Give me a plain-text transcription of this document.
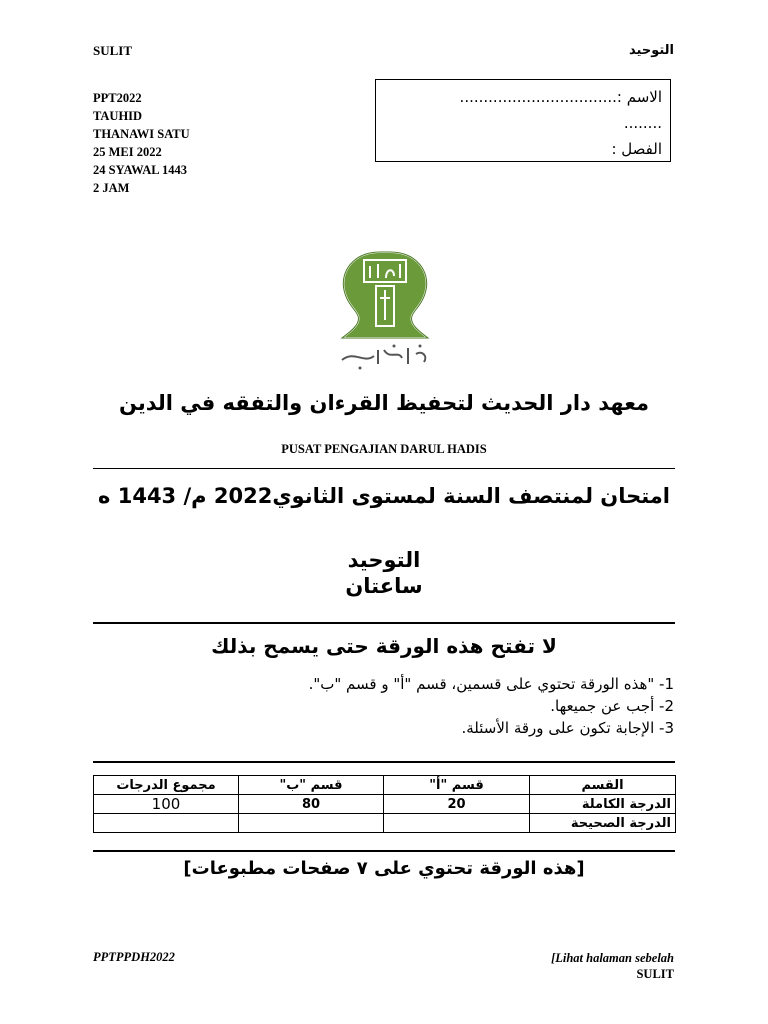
SULIT	التوحيد
PPT2022
TAUHID
THANAWI SATU
25 MEI 2022
24 SYAWAL 1443
2 JAM
الاسم :.................................
........
الفصل :
معهد دار الحديث لتحفيظ القرءان والتفقه في الدين
PUSAT PENGAJIAN DARUL HADIS
امتحان لمنتصف السنة لمستوى الثانوي2022 م/ 1443 ه
التوحيد
ساعتان
لا تفتح هذه الورقة حتى يسمح بذلك
1- "هذه الورقة تحتوي على قسمين، قسم "أ" و قسم "ب".
2- أجب عن جميعها.
3- الإجابة تكون على ورقة الأسئلة.
القسم	قسم "أ"	قسم "ب"	مجموع الدرجات
الدرجة الكاملة	20	80	100
الدرجة الصحيحة			
[هذه الورقة تحتوي على ٧ صفحات مطبوعات]
PPTPPDH2022	[Lihat halaman sebelah
SULIT
